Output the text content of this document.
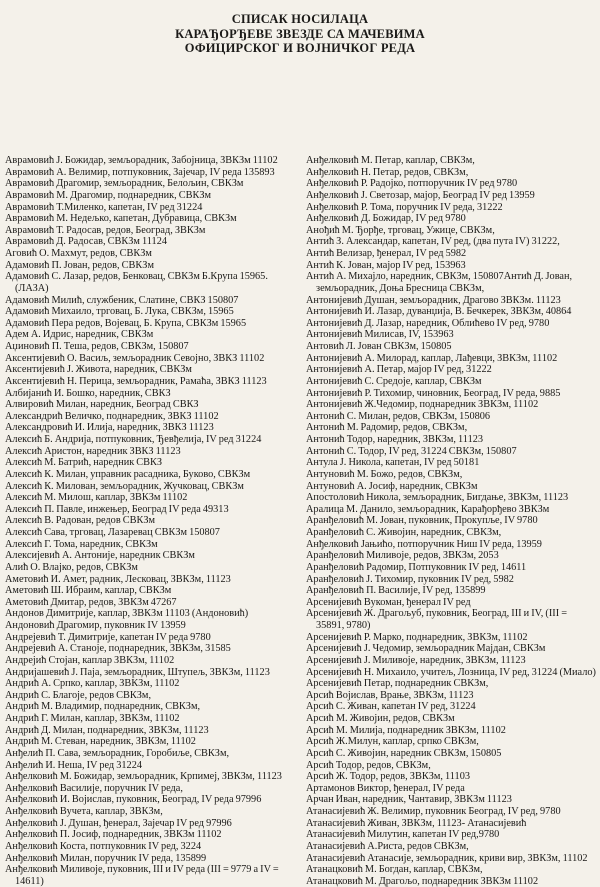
СПИСАК НОСИЛАЦА
КАРАЂОРЂЕВЕ ЗВЕЗДЕ СА МАЧЕВИМА
ОФИЦИРСКОГ И ВОЈНИЧКОГ РЕДА
Аврамовић Ј. Божидар, земљорадник, Забојница, ЗВКЗм 11102
Аврамовић А. Велимир, потпуковник, Зајечар, IV реда 135893
Аврамовић Драгомир, земљорадник, Белољин, СВКЗм
Аврамовић М. Драгомир, поднаредник, СВКЗм
Аврамовић Т.Миленко, капетан, IV ред 31224
Аврамовић М. Недељко, капетан, Дубравица, СВКЗм
Аврамовић Т. Радосав, редов, Београд, ЗВКЗм
Аврамовић Д. Радосав, СВКЗм 11124
Аговић О. Махмут, редов, СВКЗм
Адамовић П. Јован, редов, СВКЗм
Адамовић С. Лазар, редов, Бенковац, СВКЗм Б.Крупа 15965. (ЛАЗА)
Адамовић Милић, службеник, Слатине, СВКЗ 150807
Адамовић Михаило, трговац, Б. Лука, СВКЗм, 15965
Адамовић Пера редов, Војевац, Б. Крупа, СВКЗм 15965
Адем А. Идрис, наредник, СВКЗм
Аџиновић П. Теша, редов, СВКЗм, 150807
Аксентијевић О. Васиљ, земљорадник Севојно, ЗВКЗ 11102
Аксентијевић Ј. Живота, наредник, СВКЗм
Аксентијевић Н. Перица, земљорадник, Рамаћа, ЗВКЗ 11123
Албијанић И. Бошко, наредник, СВКЗ
Алвировић Милан, наредник, Београд СВКЗ
Александрић Величко, поднаредник, ЗВКЗ 11102
Александровић И. Илија, наредник, ЗВКЗ 11123
Алексић Б. Андрија, потпуковник, Ђевђелија, IV ред 31224
Алексић Аристон, наредник ЗВКЗ 11123
Алексић М. Батрић, наредник СВКЗ
Алексић К. Милан, управник расадника, Буково, СВКЗм
Алексић К. Милован, земљорадник, Жучковац, СВКЗм
Алексић М. Милош, каплар, ЗВКЗм 11102
Алексић П. Павле, инжењер, Београд IV реда 49313
Алексић В. Радован, редов СВКЗм
Алексић Сава, трговац, Лазаревац СВКЗм 150807
Алексић Г. Тома, наредник, СВКЗм
Алексијевић А. Антоније, наредник СВКЗм
Алић О. Влајко, редов, СВКЗм
Аметовић И. Амет, радник, Лесковац, ЗВКЗм, 11123
Аметовић Ш. Ибраим, каплар, СВКЗм
Аметовић Дмитар, редов, ЗВКЗм 47267
Андонов Димитрије, каплар, ЗВКЗм 11103 (Андоновић)
Андоновић Драгомир, пуковник IV 13959
Андрејевић Т. Димитрије, капетан IV реда 9780
Андрејевић А. Станоје, поднаредник, ЗВКЗм, 31585
Андрејић Стојан, каплар ЗВКЗм, 11102
Андријашевић Ј. Паја, земљорадник, Штупељ, ЗВКЗм, 11123
Андрић А. Српко, каплар, ЗВКЗм, 11102
Андрић С. Благоје, редов СВКЗм,
Андрић М. Владимир, поднаредник, СВКЗм,
Андрић Г. Милан, каплар, ЗВКЗм, 11102
Андрић Д. Милан, поднаредник, ЗВКЗм, 11123
Андрић М. Стеван, наредник, ЗВКЗм, 11102
Анђелић П. Сава, земљорадник, Горобиље, СВКЗм,
Анђелић И. Неша, IV ред 31224
Анђелковић М. Божидар, земљорадник, Крпимеј, ЗВКЗм, 11123
Анђелковић Василије, поручник IV реда,
Анђелковић И. Војислав, пуковник, Београд, IV реда 97996
Анђелковић Вучета, каплар, ЗВКЗм,
Анђелковић Ј. Душан, ђенерал, Зајечар IV ред 97996
Анђелковић П. Јосиф, поднаредник, ЗВКЗм 11102
Анђелковић Коста, потпуковник IV ред, 3224
Анђелковић Милан, поручник IV реда, 135899
Анђелковић Миливоје, пуковник, III и IV реда (III = 9779 a IV = 14611)
Анђелковић М. Петар, каплар, СВКЗм,
Анђелковић Н. Петар, редов, СВКЗм,
Анђелковић Р. Радојко, потпоручник IV ред 9780
Анђелковић Ј. Светозар, мајор, Београд IV ред 13959
Анђелковић Р. Тома, поручник IV реда, 31222
Анђелковић Д. Божидар, IV ред 9780
Анођић М. Ђорђе, трговац, Ужице, СВКЗм,
Антић З. Александар, капетан, IV ред, (два пута IV) 31222,
Антић Велизар, ђенерал, IV ред 5982
Антић К. Јован, мајор IV ред, 153963
Антић А. Михајло, наредник, СВКЗм, 150807Антић Д. Јован, земљорадник, Доња Бресница СВКЗм,
Антонијевић Душан, земљорадник, Драгово ЗВКЗм. 11123
Антонијевић И. Лазар, дуванџија, В. Бечкерек, ЗВКЗм, 40864
Антонијевић Д. Лазар, наредник, Облићево IV ред, 9780
Антонијевић Милисав, IV, 153963
Антовић Л. Јован СВКЗм, 150805
Антонијевић А. Милорад, каплар, Лађевци, ЗВКЗм, 11102
Антонијевић А. Петар, мајор IV ред, 31222
Антонијевић С. Средоје, каплар, СВКЗм
Антонијевић Р. Тихомир, чиновник, Београд, IV реда, 9885
Антонијевић Ж.Чедомир, поднаредник ЗВКЗм, 11102
Антонић С. Милан, редов, СВКЗм, 150806
Антонић М. Радомир, редов, СВКЗм,
Антонић Тодор, наредник, ЗВКЗм, 11123
Антонић С. Тодор, IV ред, 31224 СВКЗм, 150807
Антула Ј. Никола, капетан, IV ред 50181
Антуновић М. Божо, редов, СВКЗм,
Антуновић А. Јосиф, наредник, СВКЗм
Апостоловић Никола, земљорадник, Бигдање, ЗВКЗм, 11123
Аралица М. Данило, земљорадник, Карађорђево ЗВКЗм
Аранђеловић М. Јован, пуковник, Прокупље, IV 9780
Аранђеловић С. Живојин, наредник, СВКЗм,
Анђелковић Јањићо, потпоручник Ниш IV реда, 13959
Аранђеловић Миливоје, редов, ЗВКЗм, 2053
Аранђеловић Радомир, Потпуковник IV ред, 14611
Аранђеловић Ј. Тихомир, пуковник IV ред, 5982
Аранђеловић П. Василије, IV ред, 135899
Арсенијевић Вукоман, ђенерал IV ред
Арсенијевић Ж. Драгољуб, пуковник, Београд, III и IV, (III = 35891, 9780)
Арсенијевић Р. Марко, поднаредник, ЗВКЗм, 11102
Арсенијевић Ј. Чедомир, земљорадник Мајдан, СВКЗм
Арсенијевић Ј. Миливоје, наредник, ЗВКЗм, 11123
Арсенијевић Н. Михаило, учитељ, Лозница, IV ред, 31224 (Миало)
Арсенијевић Петар, поднаредник СВКЗм,
Арсић Војислав, Врање, ЗВКЗм, 11123
Арсић С. Живан, капетан IV ред, 31224
Арсић М. Живојин, редов, СВКЗм
Арсић М. Милија, поднаредник ЗВКЗм, 11102
Арсић Ж.Милун, каплар, српко СВКЗм,
Арсић С. Живојин, наредник СВКЗм, 150805
Арсић Тодор, редов, СВКЗм,
Арсић Ж. Тодор, редов, ЗВКЗм, 11103
Артамонов Виктор, ђенерал, IV реда
Арчан Иван, наредник, Чантавир, ЗВКЗм 11123
Атанасијевић Ж. Велимир, пуковник Београд, IV ред, 9780
Атанасијевић Живан, ЗВКЗм, 11123- Атанасијевић
Атанасијевић Милутин, капетан IV ред,9780
Атанасијевић А.Риста, редов СВКЗм,
Атанасијевић Атанасије, земљорадник, криви вир, ЗВКЗм, 11102
Атанацковић М. Богдан, каплар, СВКЗм,
Атанацковић М. Драгољо, поднаредник ЗВКЗм 11102
